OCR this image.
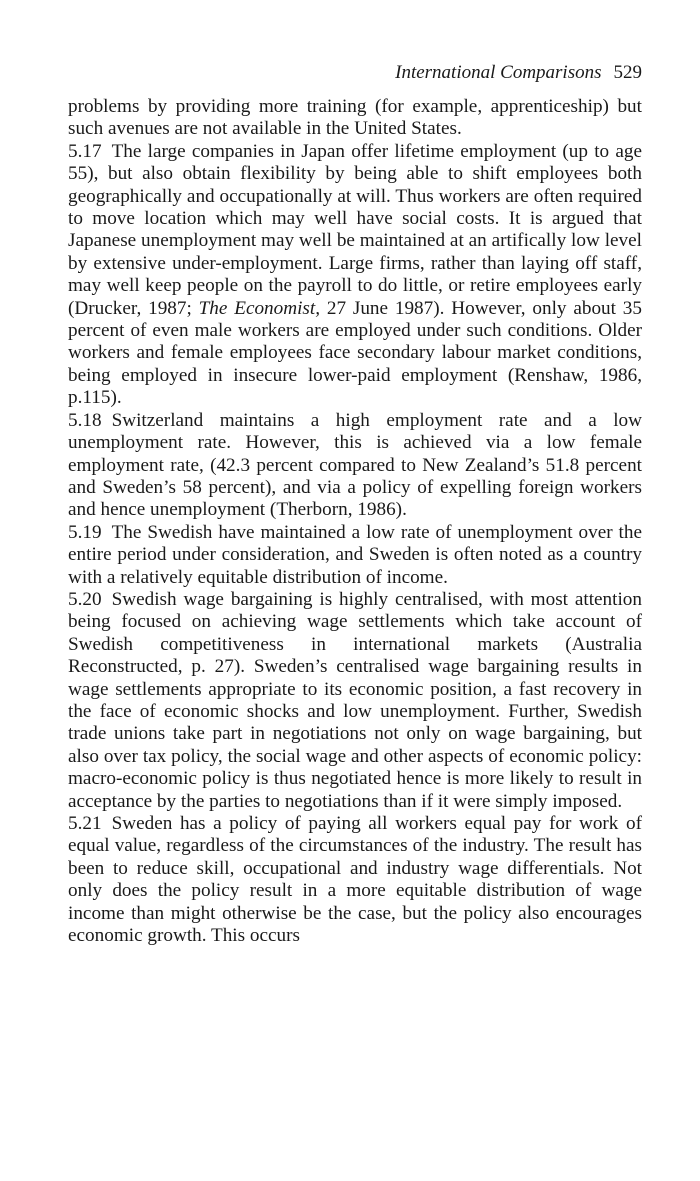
International Comparisons 529

problems by providing more training (for example, apprenticeship) but such avenues are not available in the United States.

5.17 The large companies in Japan offer lifetime employment (up to age 55), but also obtain flexibility by being able to shift employees both geographically and occupationally at will. Thus workers are often required to move location which may well have social costs. It is argued that Japanese unemployment may well be maintained at an artifically low level by extensive under-employment. Large firms, rather than laying off staff, may well keep people on the payroll to do little, or retire employees early (Drucker, 1987; The Economist, 27 June 1987). However, only about 35 percent of even male workers are employed under such conditions. Older workers and female employees face secondary labour market conditions, being employed in insecure lower-paid employment (Renshaw, 1986, p.115).

5.18 Switzerland maintains a high employment rate and a low unemployment rate. However, this is achieved via a low female employment rate, (42.3 percent compared to New Zealand’s 51.8 percent and Sweden’s 58 percent), and via a policy of expelling foreign workers and hence unemployment (Therborn, 1986).

5.19 The Swedish have maintained a low rate of unemployment over the entire period under consideration, and Sweden is often noted as a country with a relatively equitable distribution of income.

5.20 Swedish wage bargaining is highly centralised, with most attention being focused on achieving wage settlements which take account of Swedish competitiveness in international markets (Australia Reconstructed, p. 27). Sweden’s centralised wage bargaining results in wage settlements appropriate to its economic position, a fast recovery in the face of economic shocks and low unemployment. Further, Swedish trade unions take part in negotiations not only on wage bargaining, but also over tax policy, the social wage and other aspects of economic policy: macro-economic policy is thus negotiated hence is more likely to result in acceptance by the parties to negotiations than if it were simply imposed.

5.21 Sweden has a policy of paying all workers equal pay for work of equal value, regardless of the circumstances of the industry. The result has been to reduce skill, occupational and industry wage differentials. Not only does the policy result in a more equitable distribution of wage income than might otherwise be the case, but the policy also encourages economic growth. This occurs
